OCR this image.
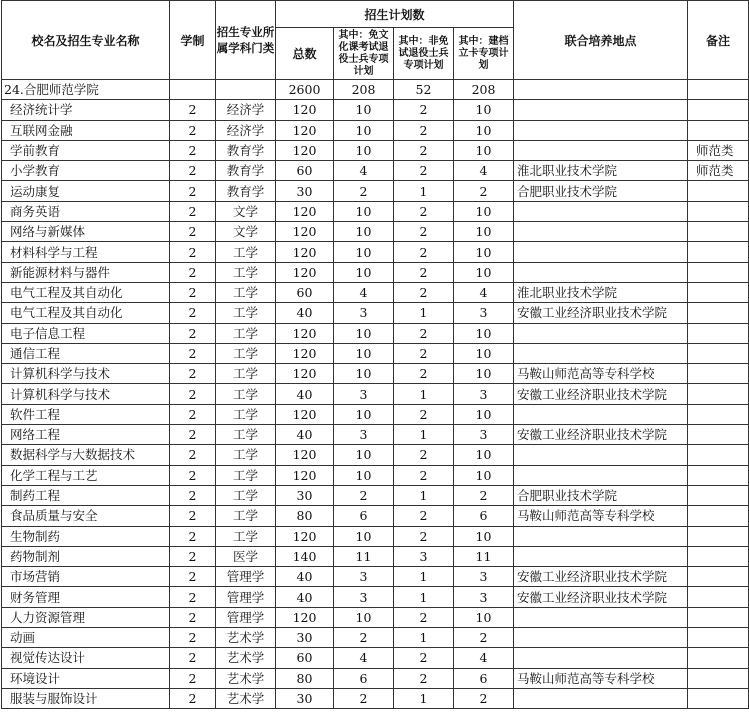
校名及招生专业名称	学制	招生专业所属学科门类	招生计划数				联合培养地点	备注
			总数	其中：免文化课考试退役士兵专项计划	其中：非免试退役士兵专项计划	其中：建档立卡专项计划		
24.合肥师范学院			2600	208	52	208		
经济统计学	2	经济学	120	10	2	10		
互联网金融	2	经济学	120	10	2	10		
学前教育	2	教育学	120	10	2	10		师范类
小学教育	2	教育学	60	4	2	4	淮北职业技术学院	师范类
运动康复	2	教育学	30	2	1	2	合肥职业技术学院	
商务英语	2	文学	120	10	2	10		
网络与新媒体	2	文学	120	10	2	10		
材料科学与工程	2	工学	120	10	2	10		
新能源材料与器件	2	工学	120	10	2	10		
电气工程及其自动化	2	工学	60	4	2	4	淮北职业技术学院	
电气工程及其自动化	2	工学	40	3	1	3	安徽工业经济职业技术学院	
电子信息工程	2	工学	120	10	2	10		
通信工程	2	工学	120	10	2	10		
计算机科学与技术	2	工学	120	10	2	10	马鞍山师范高等专科学校	
计算机科学与技术	2	工学	40	3	1	3	安徽工业经济职业技术学院	
软件工程	2	工学	120	10	2	10		
网络工程	2	工学	40	3	1	3	安徽工业经济职业技术学院	
数据科学与大数据技术	2	工学	120	10	2	10		
化学工程与工艺	2	工学	120	10	2	10		
制药工程	2	工学	30	2	1	2	合肥职业技术学院	
食品质量与安全	2	工学	80	6	2	6	马鞍山师范高等专科学校	
生物制药	2	工学	120	10	2	10		
药物制剂	2	医学	140	11	3	11		
市场营销	2	管理学	40	3	1	3	安徽工业经济职业技术学院	
财务管理	2	管理学	40	3	1	3	安徽工业经济职业技术学院	
人力资源管理	2	管理学	120	10	2	10		
动画	2	艺术学	30	2	1	2		
视觉传达设计	2	艺术学	60	4	2	4		
环境设计	2	艺术学	80	6	2	6	马鞍山师范高等专科学校	
服装与服饰设计	2	艺术学	30	2	1	2		
